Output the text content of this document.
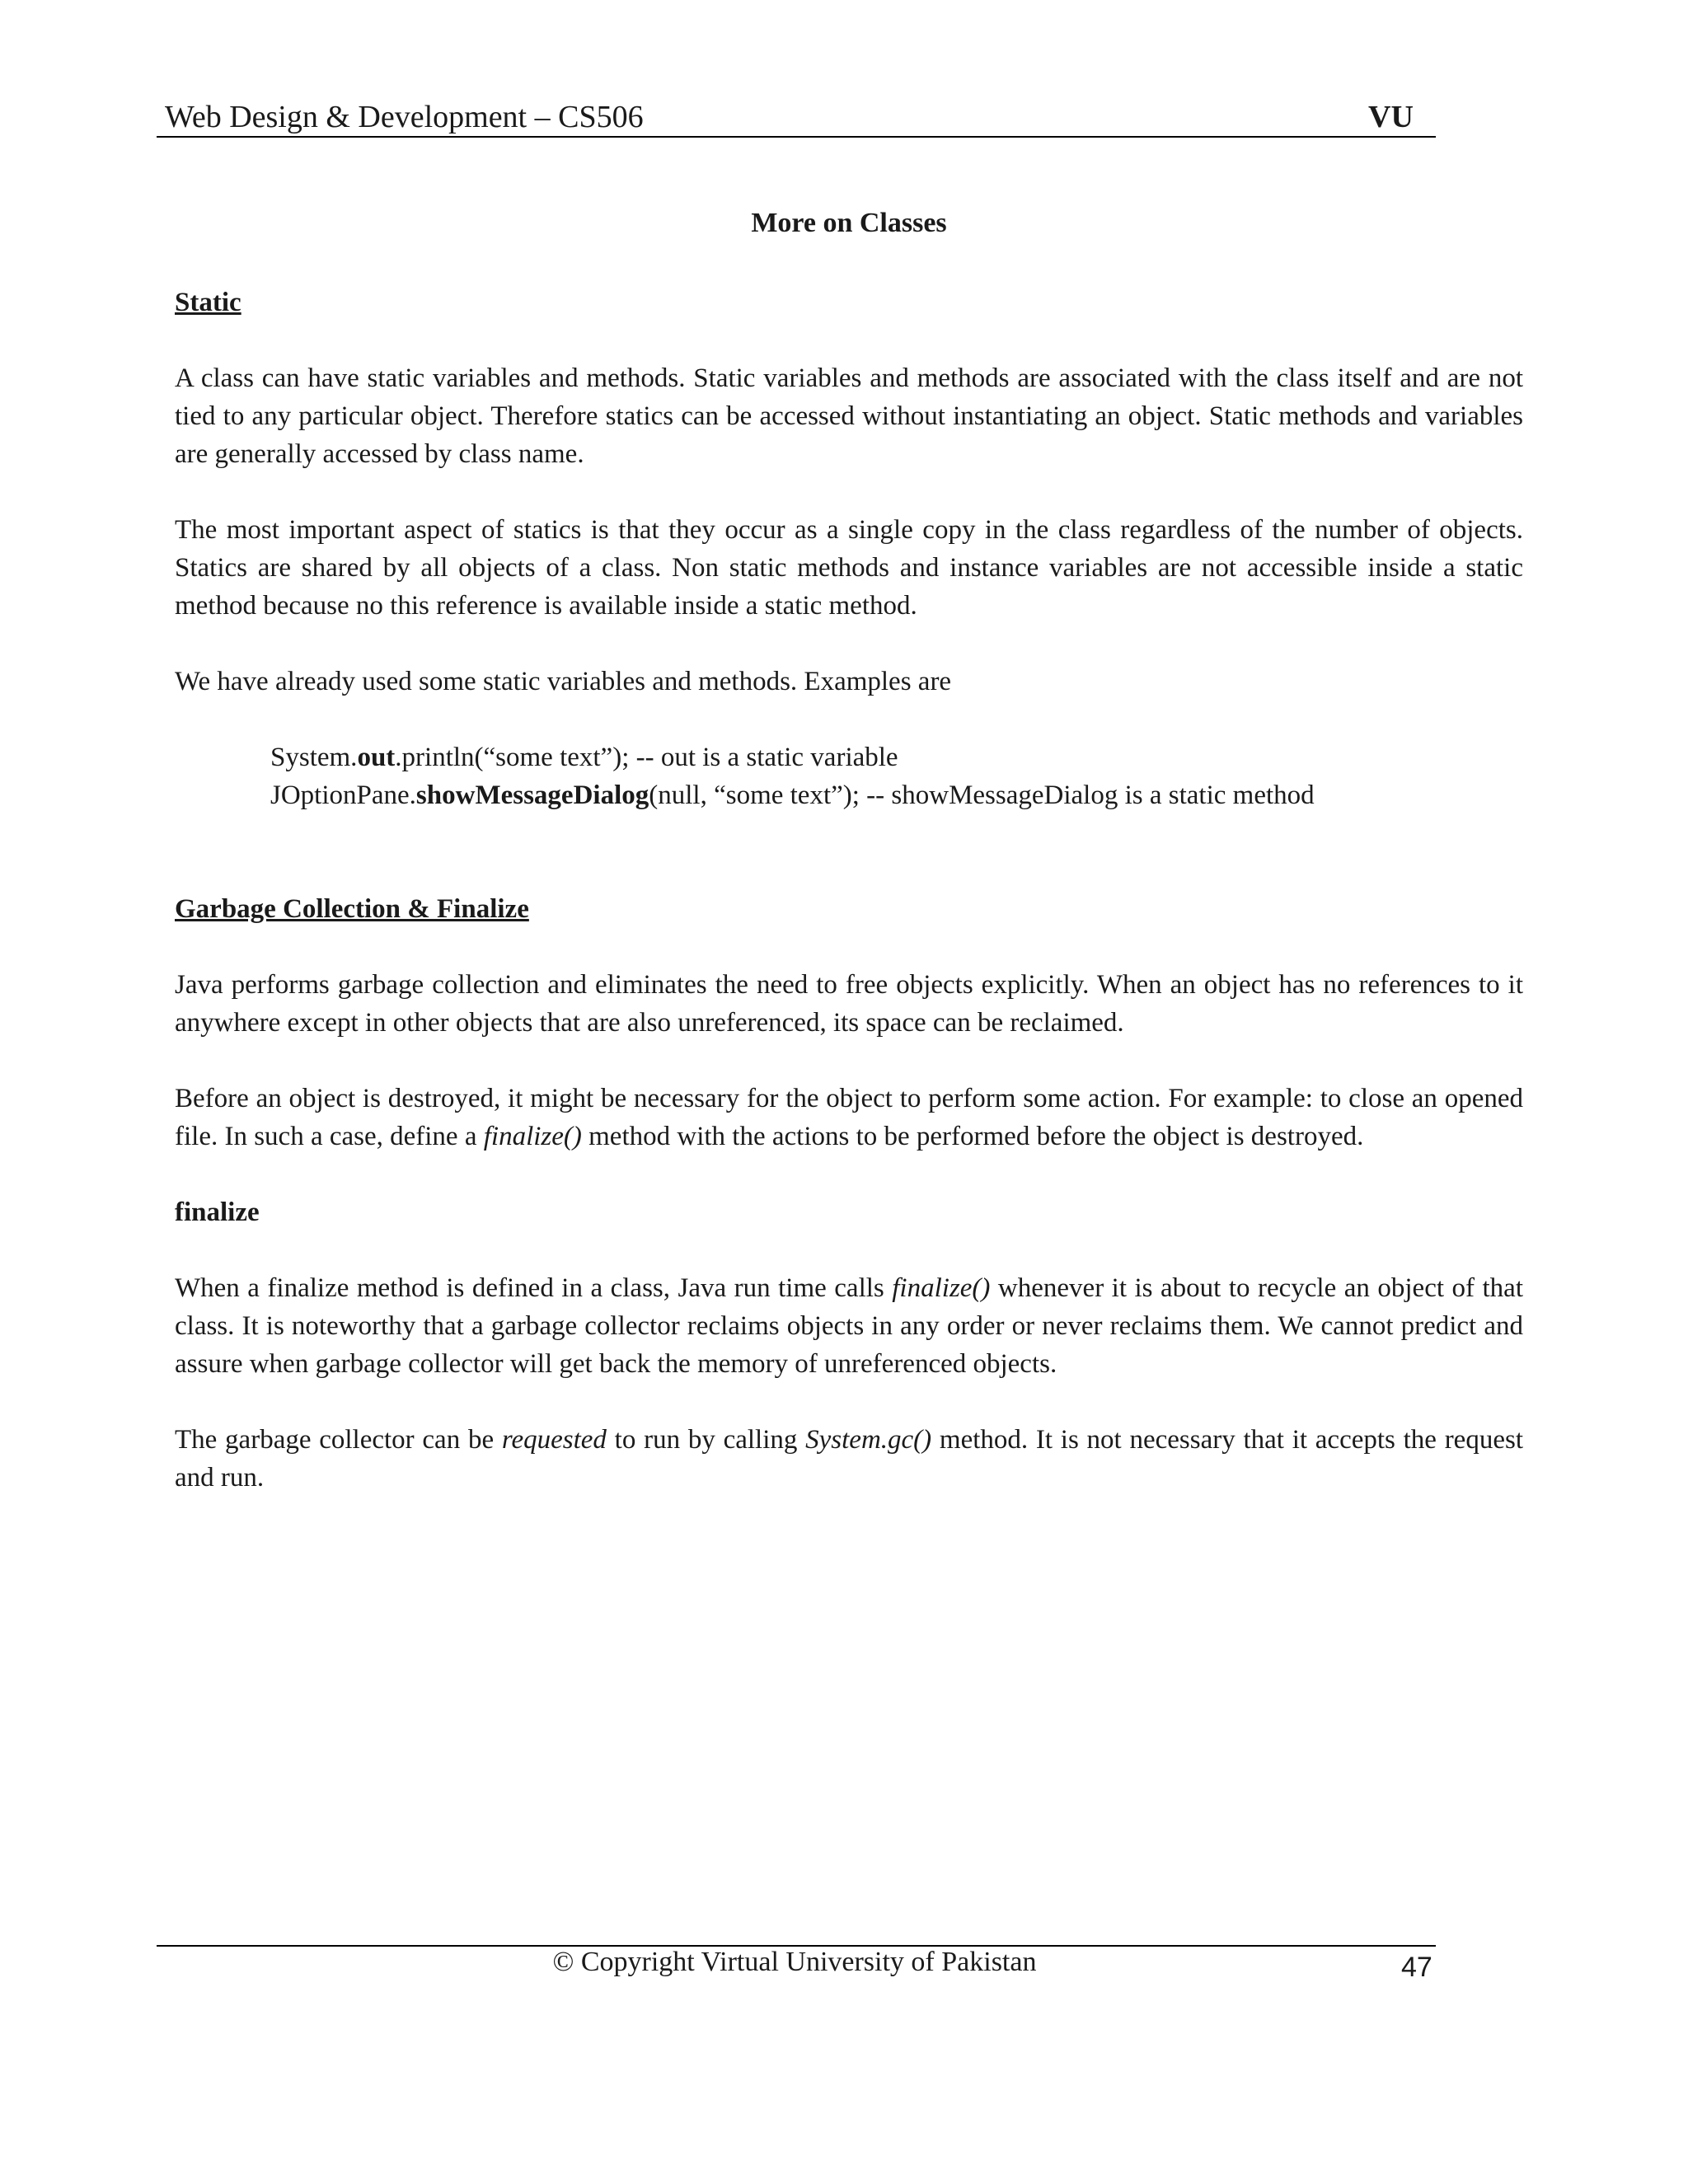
Web Design & Development – CS506	VU
More on Classes
Static

A class can have static variables and methods. Static variables and methods are associated with the class itself and are not tied to any particular object. Therefore statics can be accessed without instantiating an object. Static methods and variables are generally accessed by class name.

The most important aspect of statics is that they occur as a single copy in the class regardless of the number of objects. Statics are shared by all objects of a class. Non static methods and instance variables are not accessible inside a static method because no this reference is available inside a static method.

We have already used some static variables and methods. Examples are

System.out.println(“some text”); -- out is a static variable
JOptionPane.showMessageDialog(null, “some text”); -- showMessageDialog is a static method
Garbage Collection & Finalize

Java performs garbage collection and eliminates the need to free objects explicitly. When an object has no references to it anywhere except in other objects that are also unreferenced, its space can be reclaimed.

Before an object is destroyed, it might be necessary for the object to perform some action. For example: to close an opened file. In such a case, define a finalize() method with the actions to be performed before the object is destroyed.

finalize

When a finalize method is defined in a class, Java run time calls finalize() whenever it is about to recycle an object of that class. It is noteworthy that a garbage collector reclaims objects in any order or never reclaims them. We cannot predict and assure when garbage collector will get back the memory of unreferenced objects.

The garbage collector can be requested to run by calling System.gc() method. It is not necessary that it accepts the request and run.

© Copyright Virtual University of Pakistan	47
